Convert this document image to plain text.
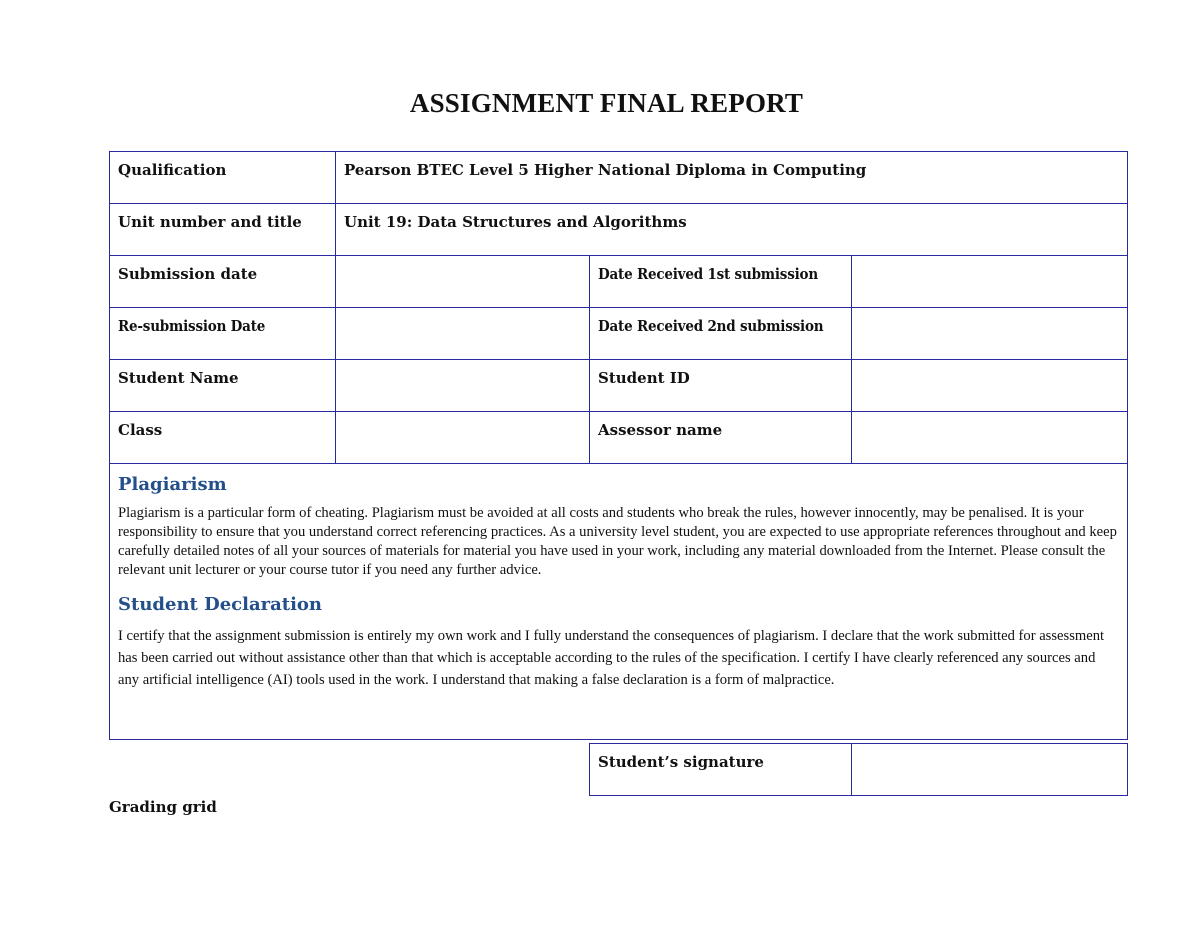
ASSIGNMENT FINAL REPORT
Qualification	Pearson BTEC Level 5 Higher National Diploma in Computing		
Unit number and title	Unit 19: Data Structures and Algorithms		
Submission date		Date Received 1st submission	
Re-submission Date		Date Received 2nd submission	
Student Name		Student ID	
Class		Assessor name	

Plagiarism

Plagiarism is a particular form of cheating. Plagiarism must be avoided at all costs and students who break the rules, however innocently, may be penalised. It is your responsibility to ensure that you understand correct referencing practices. As a university level student, you are expected to use appropriate references throughout and keep carefully detailed notes of all your sources of materials for material you have used in your work, including any material downloaded from the Internet. Please consult the relevant unit lecturer or your course tutor if you need any further advice.

Student Declaration

I certify that the assignment submission is entirely my own work and I fully understand the consequences of plagiarism. I declare that the work submitted for assessment has been carried out without assistance other than that which is acceptable according to the rules of the specification. I certify I have clearly referenced any sources and any artificial intelligence (AI) tools used in the work. I understand that making a false declaration is a form of malpractice.			

Student’s signature	
Grading grid
